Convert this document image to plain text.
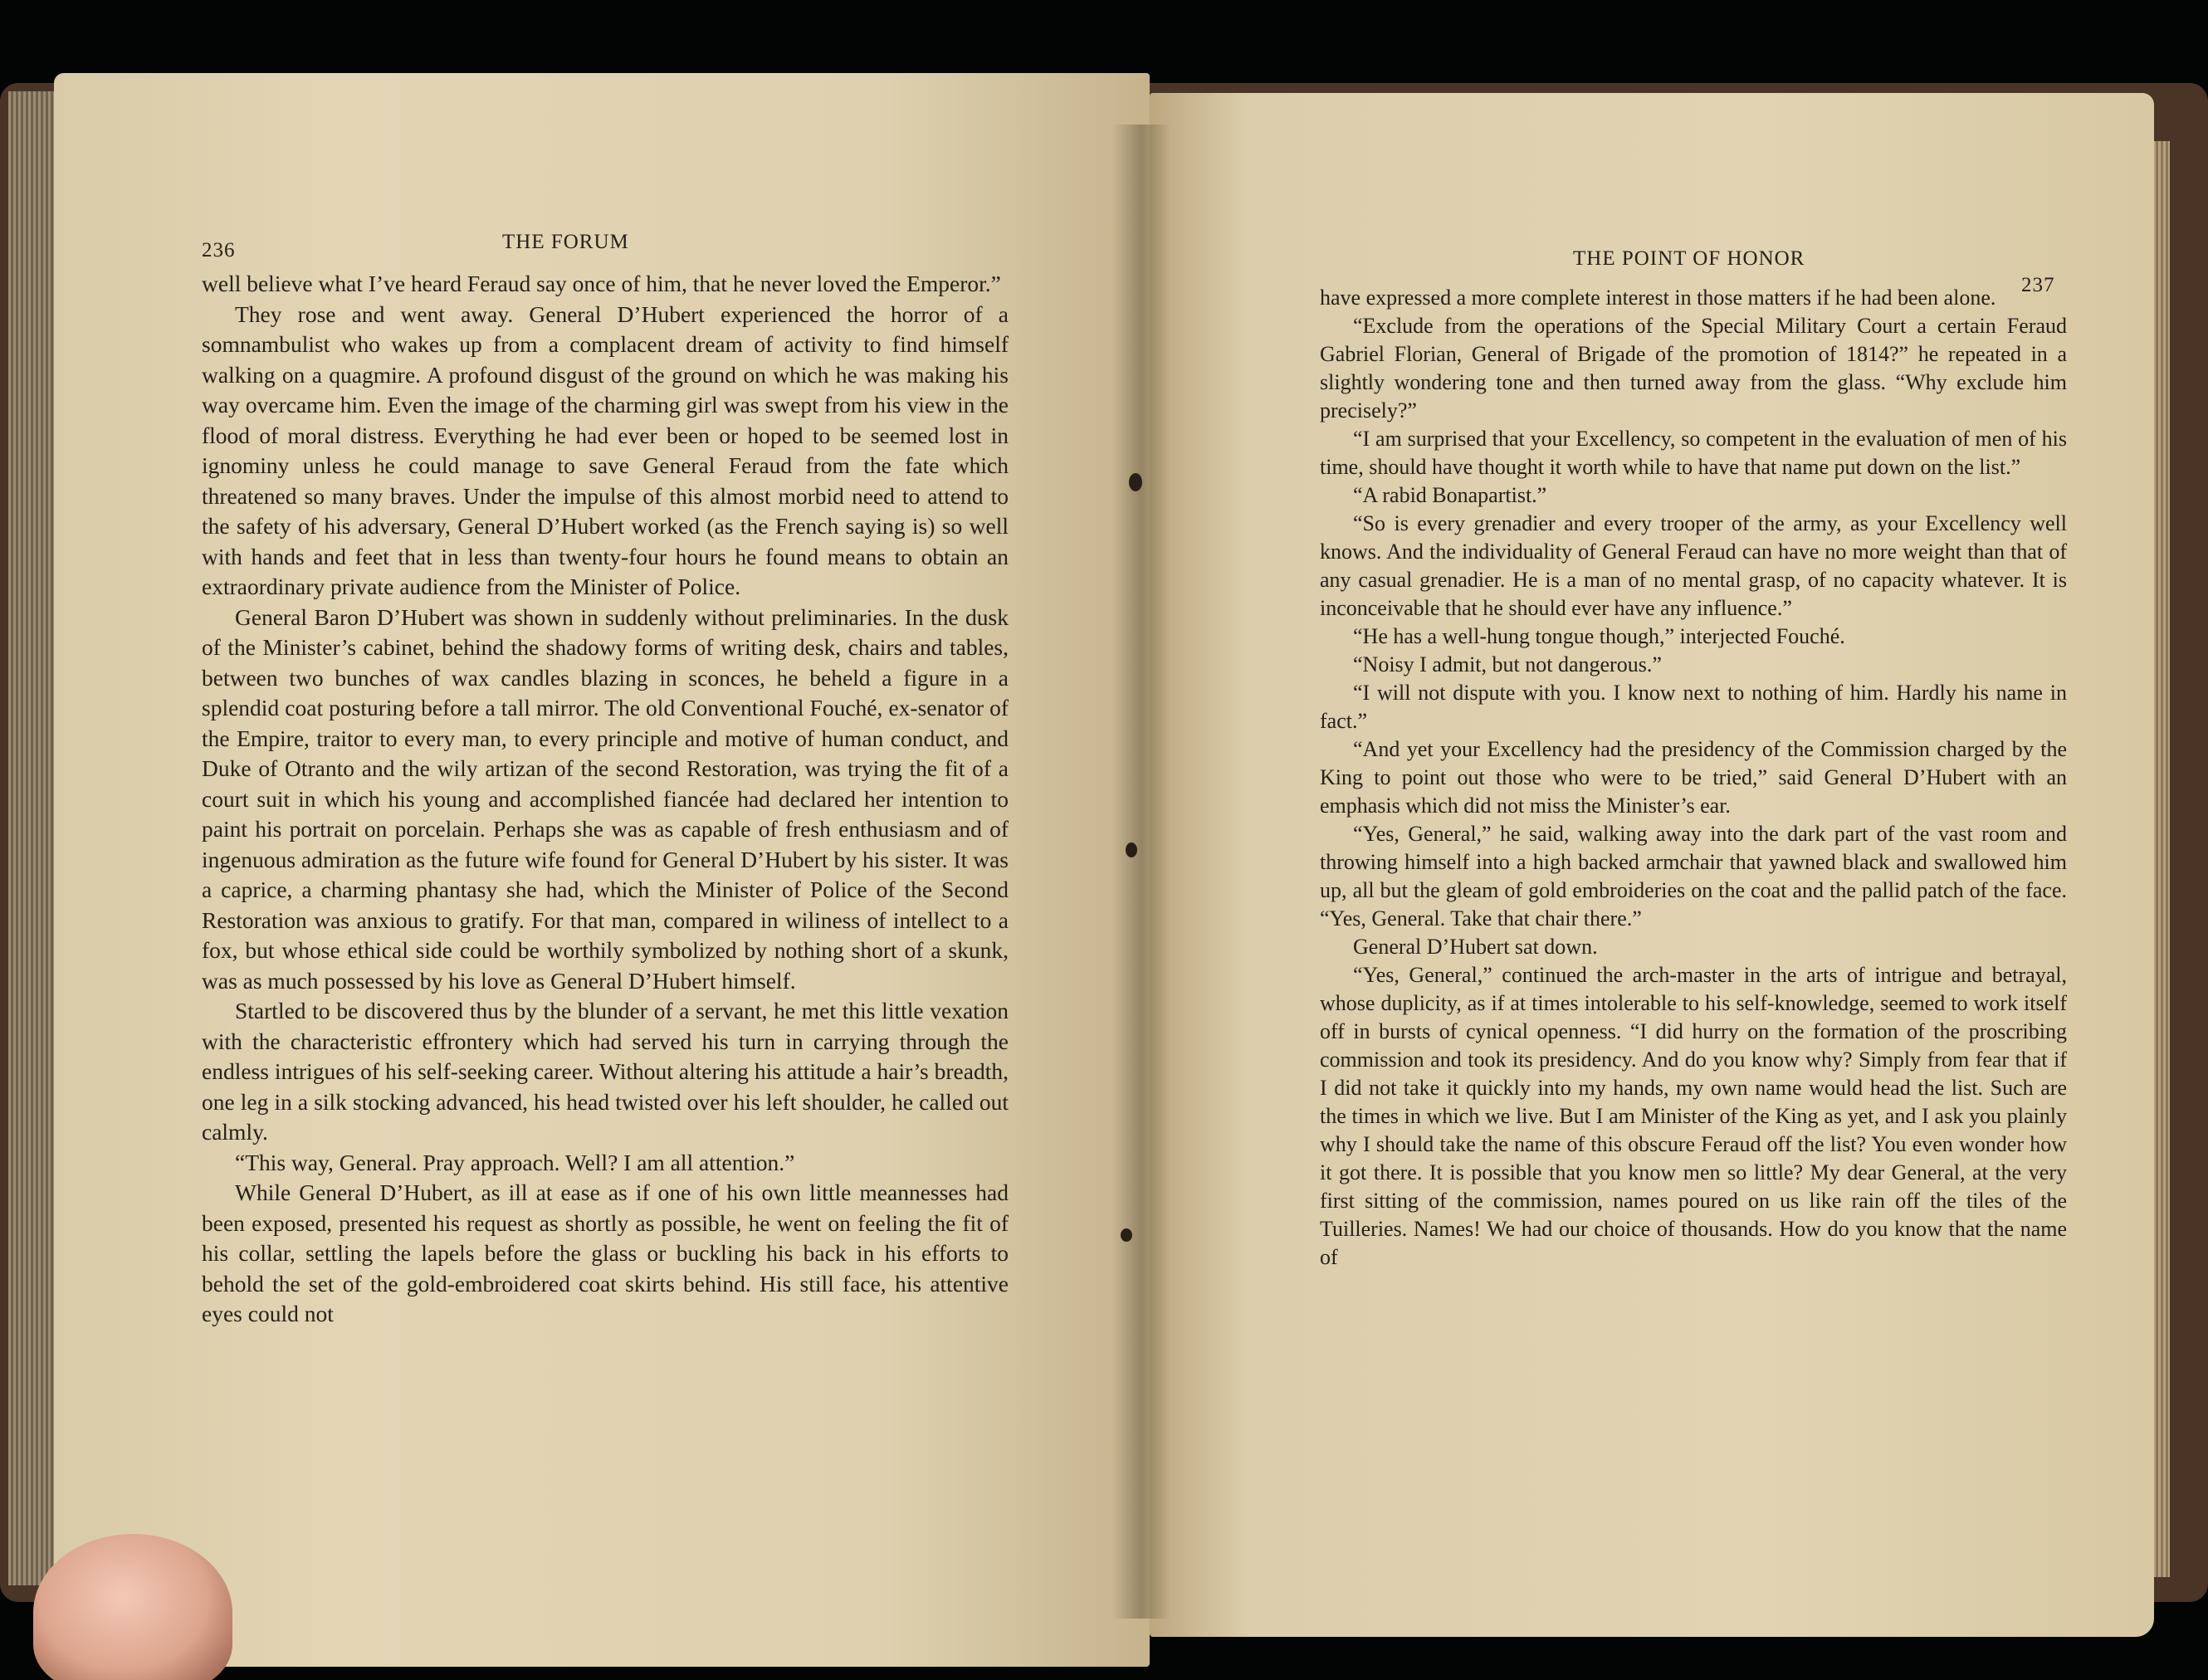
236	THE FORUM

well believe what I’ve heard Feraud say once of him, that he never loved the Emperor.”

They rose and went away. General D’Hubert experienced the horror of a somnambulist who wakes up from a complacent dream of activity to find himself walking on a quagmire. A profound disgust of the ground on which he was making his way overcame him. Even the image of the charming girl was swept from his view in the flood of moral distress. Everything he had ever been or hoped to be seemed lost in ignominy unless he could manage to save General Feraud from the fate which threatened so many braves. Under the impulse of this almost morbid need to attend to the safety of his adversary, General D’Hubert worked (as the French saying is) so well with hands and feet that in less than twenty-four hours he found means to obtain an extraordinary private audience from the Minister of Police.

General Baron D’Hubert was shown in suddenly without preliminaries. In the dusk of the Minister’s cabinet, behind the shadowy forms of writing desk, chairs and tables, between two bunches of wax candles blazing in sconces, he beheld a figure in a splendid coat posturing before a tall mirror. The old Conventional Fouché, ex-senator of the Empire, traitor to every man, to every principle and motive of human conduct, and Duke of Otranto and the wily artizan of the second Restoration, was trying the fit of a court suit in which his young and accomplished fiancée had declared her intention to paint his portrait on porcelain. Perhaps she was as capable of fresh enthusiasm and of ingenuous admiration as the future wife found for General D’Hubert by his sister. It was a caprice, a charming phantasy she had, which the Minister of Police of the Second Restoration was anxious to gratify. For that man, compared in wiliness of intellect to a fox, but whose ethical side could be worthily symbolized by nothing short of a skunk, was as much possessed by his love as General D’Hubert himself.

Startled to be discovered thus by the blunder of a servant, he met this little vexation with the characteristic effrontery which had served his turn in carrying through the endless intrigues of his self-seeking career. Without altering his attitude a hair’s breadth, one leg in a silk stocking advanced, his head twisted over his left shoulder, he called out calmly.

“This way, General. Pray approach. Well? I am all attention.”

While General D’Hubert, as ill at ease as if one of his own little meannesses had been exposed, presented his request as shortly as possible, he went on feeling the fit of his collar, settling the lapels before the glass or buckling his back in his efforts to behold the set of the gold-embroidered coat skirts behind. His still face, his attentive eyes could not

THE POINT OF HONOR
237

have expressed a more complete interest in those matters if he had been alone.

“Exclude from the operations of the Special Military Court a certain Feraud Gabriel Florian, General of Brigade of the promotion of 1814?” he repeated in a slightly wondering tone and then turned away from the glass. “Why exclude him precisely?”

“I am surprised that your Excellency, so competent in the evaluation of men of his time, should have thought it worth while to have that name put down on the list.”

“A rabid Bonapartist.”

“So is every grenadier and every trooper of the army, as your Excellency well knows. And the individuality of General Feraud can have no more weight than that of any casual grenadier. He is a man of no mental grasp, of no capacity whatever. It is inconceivable that he should ever have any influence.”

“He has a well-hung tongue though,” interjected Fouché.

“Noisy I admit, but not dangerous.”

“I will not dispute with you. I know next to nothing of him. Hardly his name in fact.”

“And yet your Excellency had the presidency of the Commission charged by the King to point out those who were to be tried,” said General D’Hubert with an emphasis which did not miss the Minister’s ear.

“Yes, General,” he said, walking away into the dark part of the vast room and throwing himself into a high backed armchair that yawned black and swallowed him up, all but the gleam of gold embroideries on the coat and the pallid patch of the face. “Yes, General. Take that chair there.”

General D’Hubert sat down.

“Yes, General,” continued the arch-master in the arts of intrigue and betrayal, whose duplicity, as if at times intolerable to his self-knowledge, seemed to work itself off in bursts of cynical openness. “I did hurry on the formation of the proscribing commission and took its presidency. And do you know why? Simply from fear that if I did not take it quickly into my hands, my own name would head the list. Such are the times in which we live. But I am Minister of the King as yet, and I ask you plainly why I should take the name of this obscure Feraud off the list? You even wonder how it got there. It is possible that you know men so little? My dear General, at the very first sitting of the commission, names poured on us like rain off the tiles of the Tuilleries. Names! We had our choice of thousands. How do you know that the name of
